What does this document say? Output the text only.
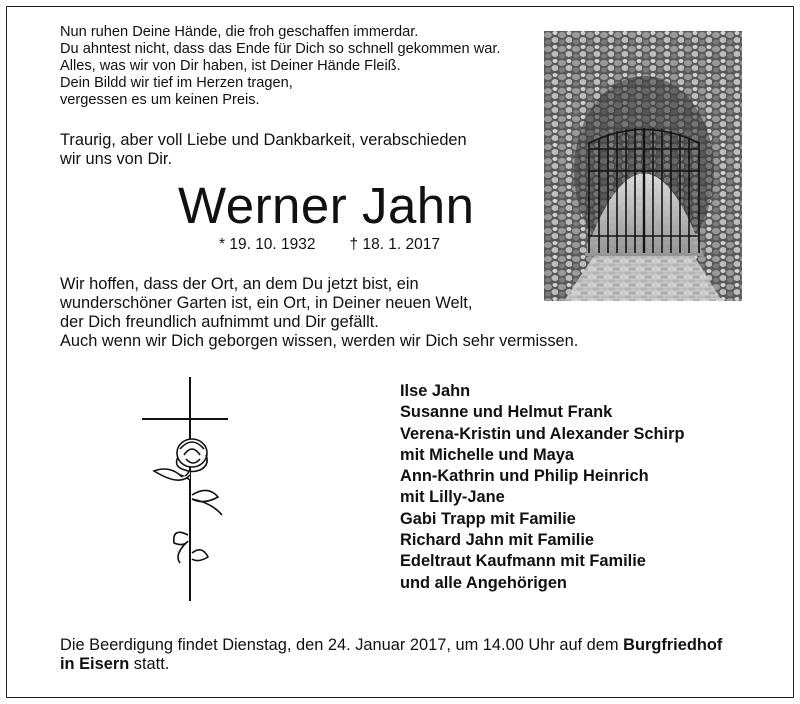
Nun ruhen Deine Hände, die froh geschaffen immerdar.
Du ahntest nicht, dass das Ende für Dich so schnell gekommen war.
Alles, was wir von Dir haben, ist Deiner Hände Fleiß.
Dein Bildd wir tief im Herzen tragen,
vergessen es um keinen Preis.
Traurig, aber voll Liebe und Dankbarkeit, verabschieden
wir uns von Dir.
Werner Jahn
* 19. 10. 1932 † 18. 1. 2017
Wir hoffen, dass der Ort, an dem Du jetzt bist, ein
wunderschöner Garten ist, ein Ort, in Deiner neuen Welt,
der Dich freundlich aufnimmt und Dir gefällt.
Auch wenn wir Dich geborgen wissen, werden wir Dich sehr vermissen.
Ilse Jahn
Susanne und Helmut Frank
Verena-Kristin und Alexander Schirp
mit Michelle und Maya
Ann-Kathrin und Philip Heinrich
mit Lilly-Jane
Gabi Trapp mit Familie
Richard Jahn mit Familie
Edeltraut Kaufmann mit Familie
und alle Angehörigen
Die Beerdigung findet Dienstag, den 24. Januar 2017, um 14.00 Uhr auf dem Burgfriedhof
in Eisern statt.
